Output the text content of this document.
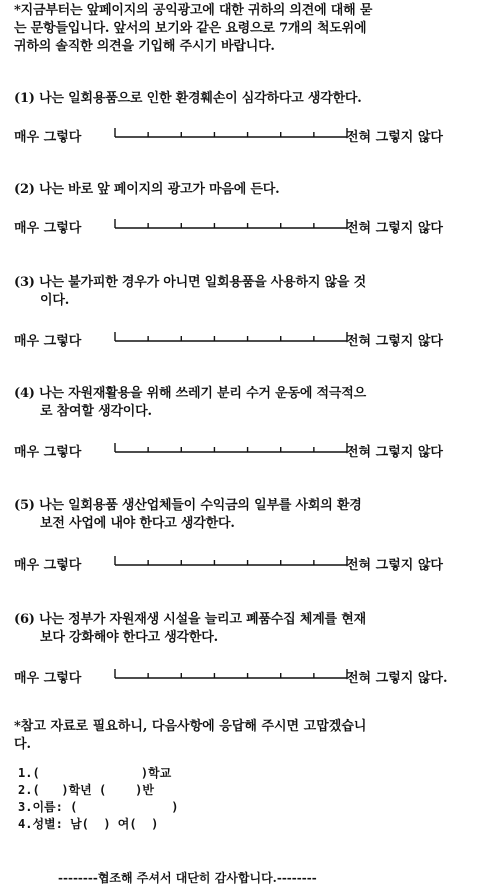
*지금부터는 앞페이지의 공익광고에 대한 귀하의 의견에 대해 묻

는 문항들입니다. 앞서의 보기와 같은 요령으로 7개의 척도위에

귀하의 솔직한 의견을 기입해 주시기 바랍니다.

(1) 나는 일회용품으로 인한 환경훼손이 심각하다고 생각한다.
매우 그렇다	전혀 그렇지 않다
(2) 나는 바로 앞 페이지의 광고가 마음에 든다.
매우 그렇다	전혀 그렇지 않다
(3) 나는 불가피한 경우가 아니면 일회용품을 사용하지 않을 것
이다.
매우 그렇다	전혀 그렇지 않다
(4) 나는 자원재활용을 위해 쓰레기 분리 수거 운동에 적극적으
로 참여할 생각이다.
매우 그렇다	전혀 그렇지 않다
(5) 나는 일회용품 생산업체들이 수익금의 일부를 사회의 환경
보전 사업에 내야 한다고 생각한다.
매우 그렇다	전혀 그렇지 않다
(6) 나는 정부가 자원재생 시설을 늘리고 폐품수집 체계를 현재
보다 강화해야 한다고 생각한다.
매우 그렇다	전혀 그렇지 않다.
*참고 자료로 필요하니, 다음사항에 응답해 주시면 고맙겠습니
다.
1.(              )학교
2.(   )학년 (    )반
3.이름: (             )
4.성별: 남(  ) 여(  )
--------협조해 주셔서 대단히 감사합니다.--------
